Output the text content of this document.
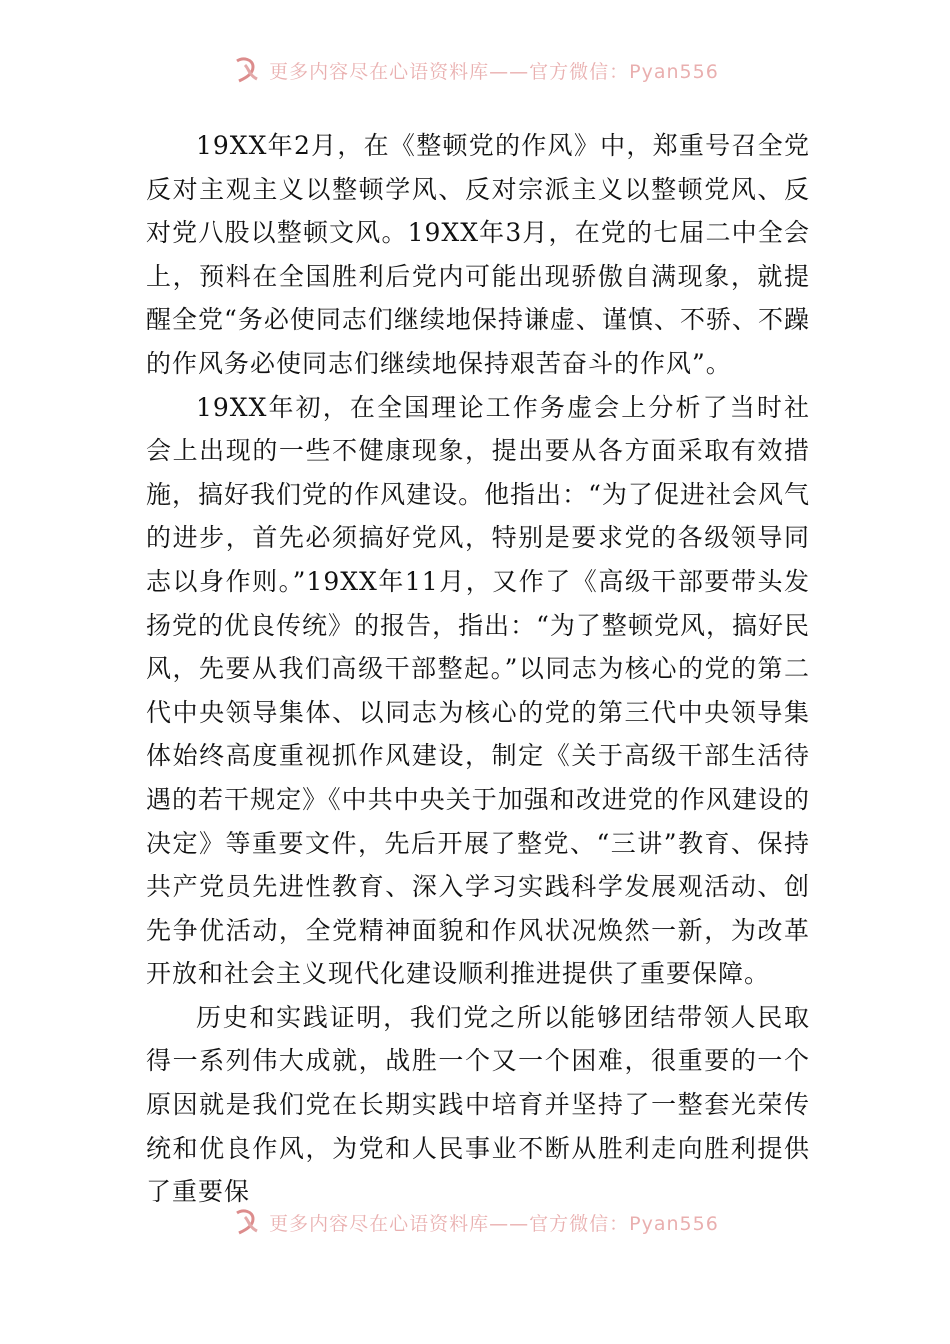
更多内容尽在心语资料库——官方微信：Pyan556

19XX年2月，在《整顿党的作风》中，郑重号召全党反对主观主义以整顿学风、反对宗派主义以整顿党风、反对党八股以整顿文风。19XX年3月，在党的七届二中全会上，预料在全国胜利后党内可能出现骄傲自满现象，就提醒全党“务必使同志们继续地保持谦虚、谨慎、不骄、不躁的作风务必使同志们继续地保持艰苦奋斗的作风”。

19XX年初，在全国理论工作务虚会上分析了当时社会上出现的一些不健康现象，提出要从各方面采取有效措施，搞好我们党的作风建设。他指出：“为了促进社会风气的进步，首先必须搞好党风，特别是要求党的各级领导同志以身作则。”19XX年11月，又作了《高级干部要带头发扬党的优良传统》的报告，指出：“为了整顿党风，搞好民风，先要从我们高级干部整起。”以同志为核心的党的第二代中央领导集体、以同志为核心的党的第三代中央领导集体始终高度重视抓作风建设，制定《关于高级干部生活待遇的若干规定》《中共中央关于加强和改进党的作风建设的决定》等重要文件，先后开展了整党、“三讲”教育、保持共产党员先进性教育、深入学习实践科学发展观活动、创先争优活动，全党精神面貌和作风状况焕然一新，为改革开放和社会主义现代化建设顺利推进提供了重要保障。

历史和实践证明，我们党之所以能够团结带领人民取得一系列伟大成就，战胜一个又一个困难，很重要的一个原因就是我们党在长期实践中培育并坚持了一整套光荣传统和优良作风，为党和人民事业不断从胜利走向胜利提供了重要保

更多内容尽在心语资料库——官方微信：Pyan556
